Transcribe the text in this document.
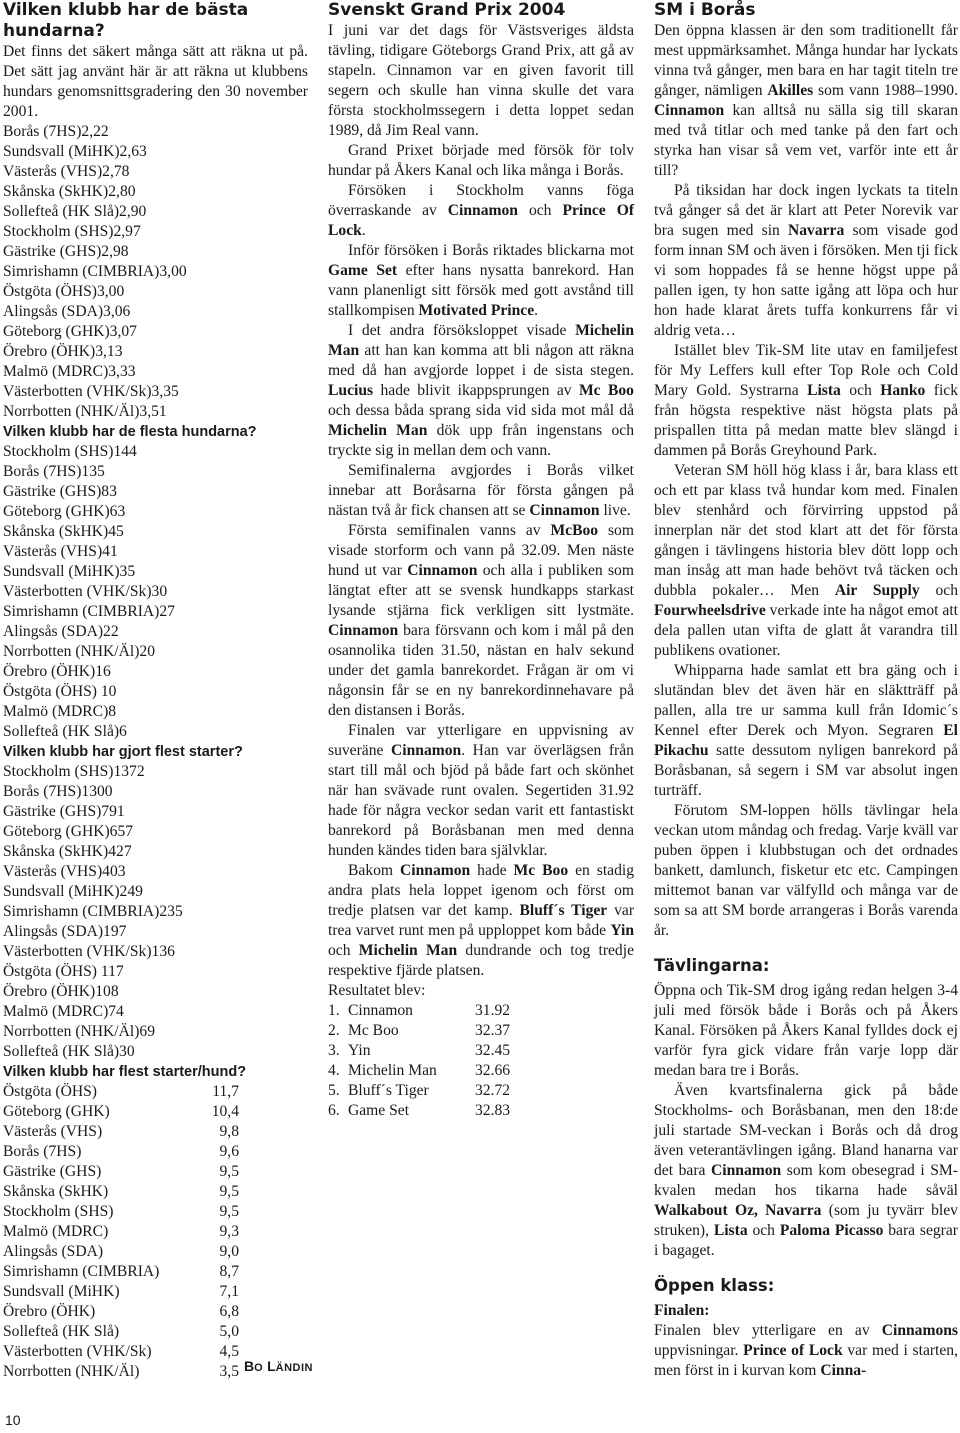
Vilken klubb har de bästa hundarna?

Det finns det säkert många sätt att räkna ut på. Det sätt jag använt här är att räkna ut klubbens hundars genomsnittsgradering den 30 november 2001.

Borås (7HS)2,22
Sundsvall (MiHK)2,63
Västerås (VHS)2,78
Skånska (SkHK)2,80
Sollefteå (HK Slå)2,90
Stockholm (SHS)2,97
Gästrike (GHS)2,98
Simrishamn (CIMBRIA)3,00
Östgöta (ÖHS)3,00
Alingsås (SDA)3,06
Göteborg (GHK)3,07
Örebro (ÖHK)3,13
Malmö (MDRC)3,33
Västerbotten (VHK/Sk)3,35
Norrbotten (NHK/Äl)3,51
Vilken klubb har de flesta hundarna?
Stockholm (SHS)144
Borås (7HS)135
Gästrike (GHS)83
Göteborg (GHK)63
Skånska (SkHK)45
Västerås (VHS)41
Sundsvall (MiHK)35
Västerbotten (VHK/Sk)30
Simrishamn (CIMBRIA)27
Alingsås (SDA)22
Norrbotten (NHK/Äl)20
Örebro (ÖHK)16
Östgöta (ÖHS) 10
Malmö (MDRC)8
Sollefteå (HK Slå)6
Vilken klubb har gjort flest starter?
Stockholm (SHS)1372
Borås (7HS)1300
Gästrike (GHS)791
Göteborg (GHK)657
Skånska (SkHK)427
Västerås (VHS)403
Sundsvall (MiHK)249
Simrishamn (CIMBRIA)235
Alingsås (SDA)197
Västerbotten (VHK/Sk)136
Östgöta (ÖHS) 117
Örebro (ÖHK)108
Malmö (MDRC)74
Norrbotten (NHK/Äl)69
Sollefteå (HK Slå)30
Vilken klubb har flest starter/hund?
Östgöta (ÖHS)	11,7
Göteborg (GHK)	10,4
Västerås (VHS)	9,8
Borås (7HS)	9,6
Gästrike (GHS)	9,5
Skånska (SkHK)	9,5
Stockholm (SHS)	9,5
Malmö (MDRC)	9,3
Alingsås (SDA)	9,0
Simrishamn (CIMBRIA)	8,7
Sundsvall (MiHK)	7,1
Örebro (ÖHK)	6,8
Sollefteå (HK Slå)	5,0
Västerbotten (VHK/Sk)	4,5
Norrbotten (NHK/Äl)	3,5 BO LÄNDIN
10
Svenskt Grand Prix 2004

I juni var det dags för Västsveriges äldsta tävling, tidigare Göteborgs Grand Prix, att gå av stapeln. Cinnamon var en given favorit till segern och skulle han vinna skulle det vara första stockholmssegern i detta loppet sedan 1989, då Jim Real vann.

Grand Prixet började med försök för tolv hundar på Åkers Kanal och lika många i Borås.

Försöken i Stockholm vanns föga överraskande av Cinnamon och Prince Of Lock.

Inför försöken i Borås riktades blickarna mot Game Set efter hans nysatta banrekord. Han vann planenligt sitt försök med gott avstånd till stallkompisen Motivated Prince.

I det andra försöksloppet visade Michelin Man att han kan komma att bli någon att räkna med då han avgjorde loppet i de sista stegen. Lucius hade blivit ikappsprungen av Mc Boo och dessa båda sprang sida vid sida mot mål då Michelin Man dök upp från ingenstans och tryckte sig in mellan dem och vann.

Semifinalerna avgjordes i Borås vilket innebar att Boråsarna för första gången på nästan två år fick chansen att se Cinnamon live.

Första semifinalen vanns av McBoo som visade storform och vann på 32.09. Men näste hund ut var Cinnamon och alla i publiken som längtat efter att se svensk hundkapps starkast lysande stjärna fick verkligen sitt lystmäte. Cinnamon bara försvann och kom i mål på den osannolika tiden 31.50, nästan en halv sekund under det gamla banrekordet. Frågan är om vi någonsin får se en ny banrekordinnehavare på den distansen i Borås.

Finalen var ytterligare en uppvisning av suveräne Cinnamon. Han var överlägsen från start till mål och bjöd på både fart och skönhet när han svävade runt ovalen. Segertiden 31.92 hade för några veckor sedan varit ett fantastiskt banrekord på Boråsbanan men med denna hunden kändes tiden bara självklar.

Bakom Cinnamon hade Mc Boo en stadig andra plats hela loppet igenom och först om tredje platsen var det kamp. Bluff´s Tiger var trea varvet runt men på upploppet kom både Yin och Michelin Man dundrande och tog tredje respektive fjärde platsen.

Resultatet blev:
1.	Cinnamon	31.92
2.	Mc Boo	32.37
3.	Yin	32.45
4.	Michelin Man	32.66
5.	Bluff´s Tiger	32.72
6.	Game Set	32.83
SM i Borås

Den öppna klassen är den som traditionellt får mest uppmärksamhet. Många hundar har lyckats vinna två gånger, men bara en har tagit titeln tre gånger, nämligen Akilles som vann 1988–1990. Cinnamon kan alltså nu sälla sig till skaran med två titlar och med tanke på den fart och styrka han visar så vem vet, varför inte ett år till?

På tiksidan har dock ingen lyckats ta titeln två gånger så det är klart att Peter Norevik var bra sugen med sin Navarra som visade god form innan SM och även i försöken. Men tji fick vi som hoppades få se henne högst uppe på pallen igen, ty hon satte igång att löpa och hur hon hade klarat årets tuffa konkurrens får vi aldrig veta…

Istället blev Tik-SM lite utav en familjefest för My Leffers kull efter Top Role och Cold Mary Gold. Systrarna Lista och Hanko fick från högsta respektive näst högsta plats på prispallen titta på medan matte blev slängd i dammen på Borås Greyhound Park.

Veteran SM höll hög klass i år, bara klass ett och ett par klass två hundar kom med. Finalen blev stenhård och förvirring uppstod på innerplan när det stod klart att det för första gången i tävlingens historia blev dött lopp och man insåg att man hade behövt två täcken och dubbla pokaler… Men Air Supply och Fourwheelsdrive verkade inte ha något emot att dela pallen utan vifta de glatt åt varandra till publikens ovationer.

Whipparna hade samlat ett bra gäng och i slutändan blev det även här en släktträff på pallen, alla tre ur samma kull från Idomic´s Kennel efter Derek och Myon. Segraren El Pikachu satte dessutom nyligen banrekord på Boråsbanan, så segern i SM var absolut ingen turträff.

Förutom SM-loppen hölls tävlingar hela veckan utom måndag och fredag. Varje kväll var puben öppen i klubbstugan och det ordnades bankett, damlunch, fisketur etc etc. Campingen mittemot banan var välfylld och många var de som sa att SM borde arrangeras i Borås varenda år.

Tävlingarna:

Öppna och Tik-SM drog igång redan helgen 3-4 juli med försök både i Borås och på Åkers Kanal. Försöken på Åkers Kanal fylldes dock ej varför fyra gick vidare från varje lopp där medan bara tre i Borås.

Även kvartsfinalerna gick på både Stockholms- och Boråsbanan, men den 18:de juli startade SM-veckan i Borås och då drog även veterantävlingen igång. Bland hanarna var det bara Cinnamon som kom obesegrad i SM-kvalen medan hos tikarna hade såväl Walkabout Oz, Navarra (som ju tyvärr blev struken), Lista och Paloma Picasso bara segrar i bagaget.

Öppen klass:
Finalen:

Finalen blev ytterligare en av Cinnamons uppvisningar. Prince of Lock var med i starten, men först in i kurvan kom Cinna-
